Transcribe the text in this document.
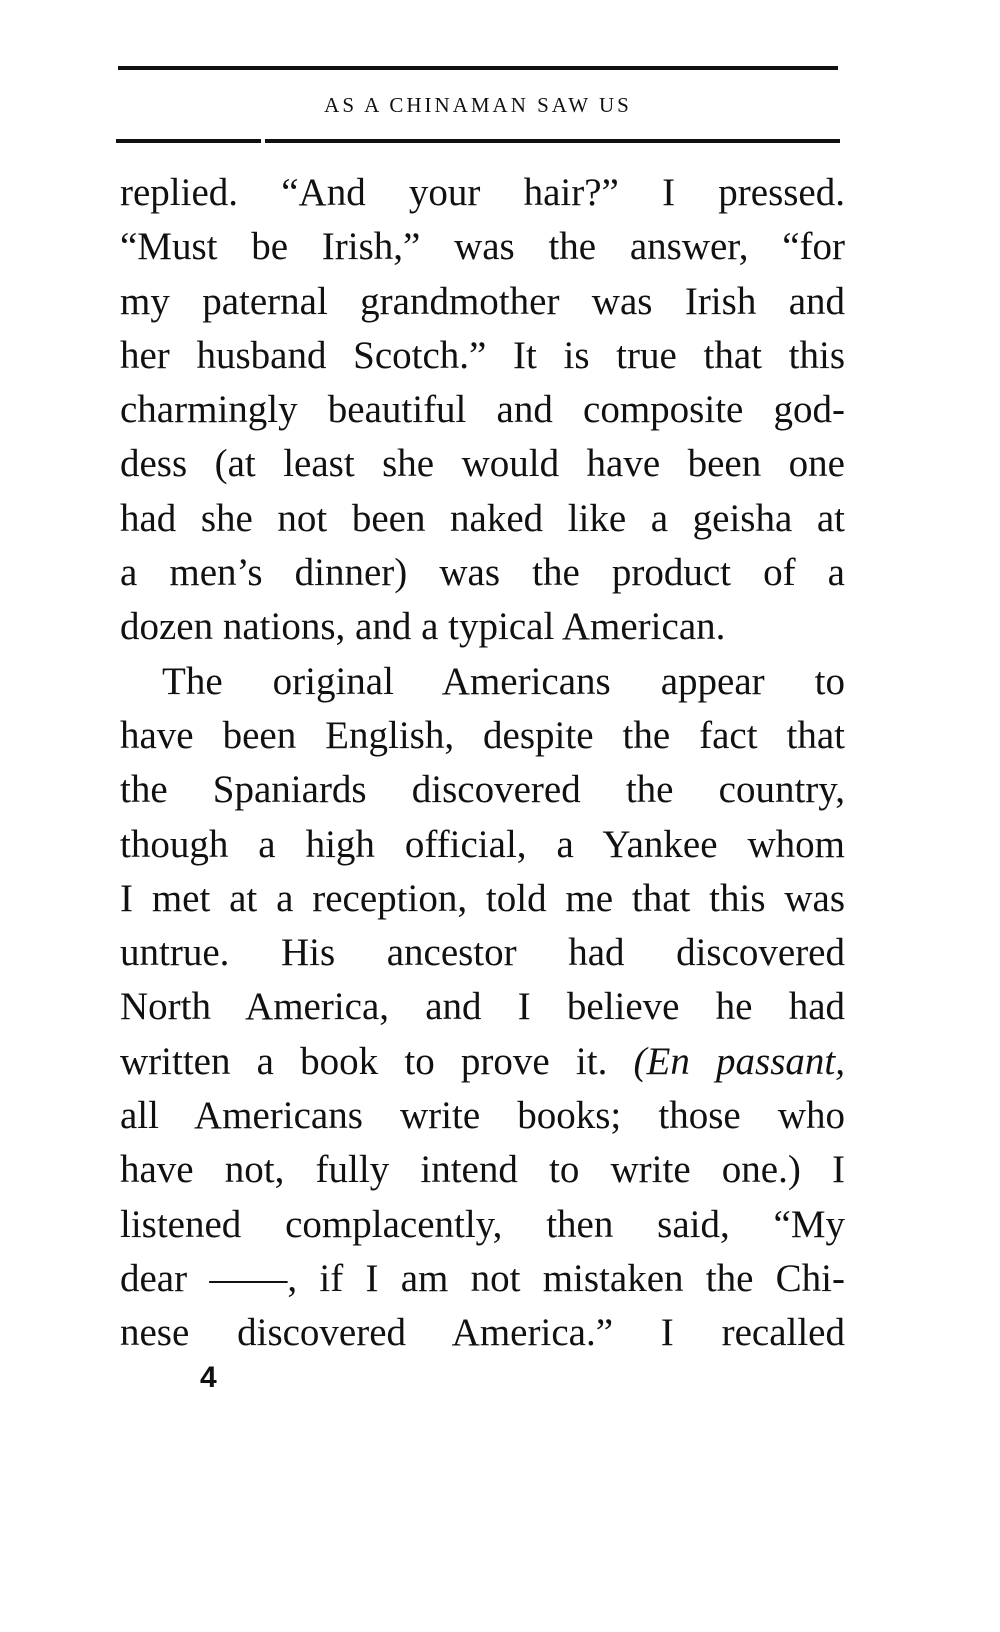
AS A CHINAMAN SAW US
replied. “And your hair?” I pressed.
“Must be Irish,” was the answer, “for
my paternal grandmother was Irish and
her husband Scotch.” It is true that this
charmingly beautiful and composite god-
dess (at least she would have been one
had she not been naked like a geisha at
a men’s dinner) was the product of a
dozen nations, and a typical American.
The original Americans appear to
have been English, despite the fact that
the Spaniards discovered the country,
though a high official, a Yankee whom
I met at a reception, told me that this was
untrue. His ancestor had discovered
North America, and I believe he had
written a book to prove it. (En passant,
all Americans write books; those who
have not, fully intend to write one.) I
listened complacently, then said, “My
dear ——, if I am not mistaken the Chi-
nese discovered America.” I recalled
4
